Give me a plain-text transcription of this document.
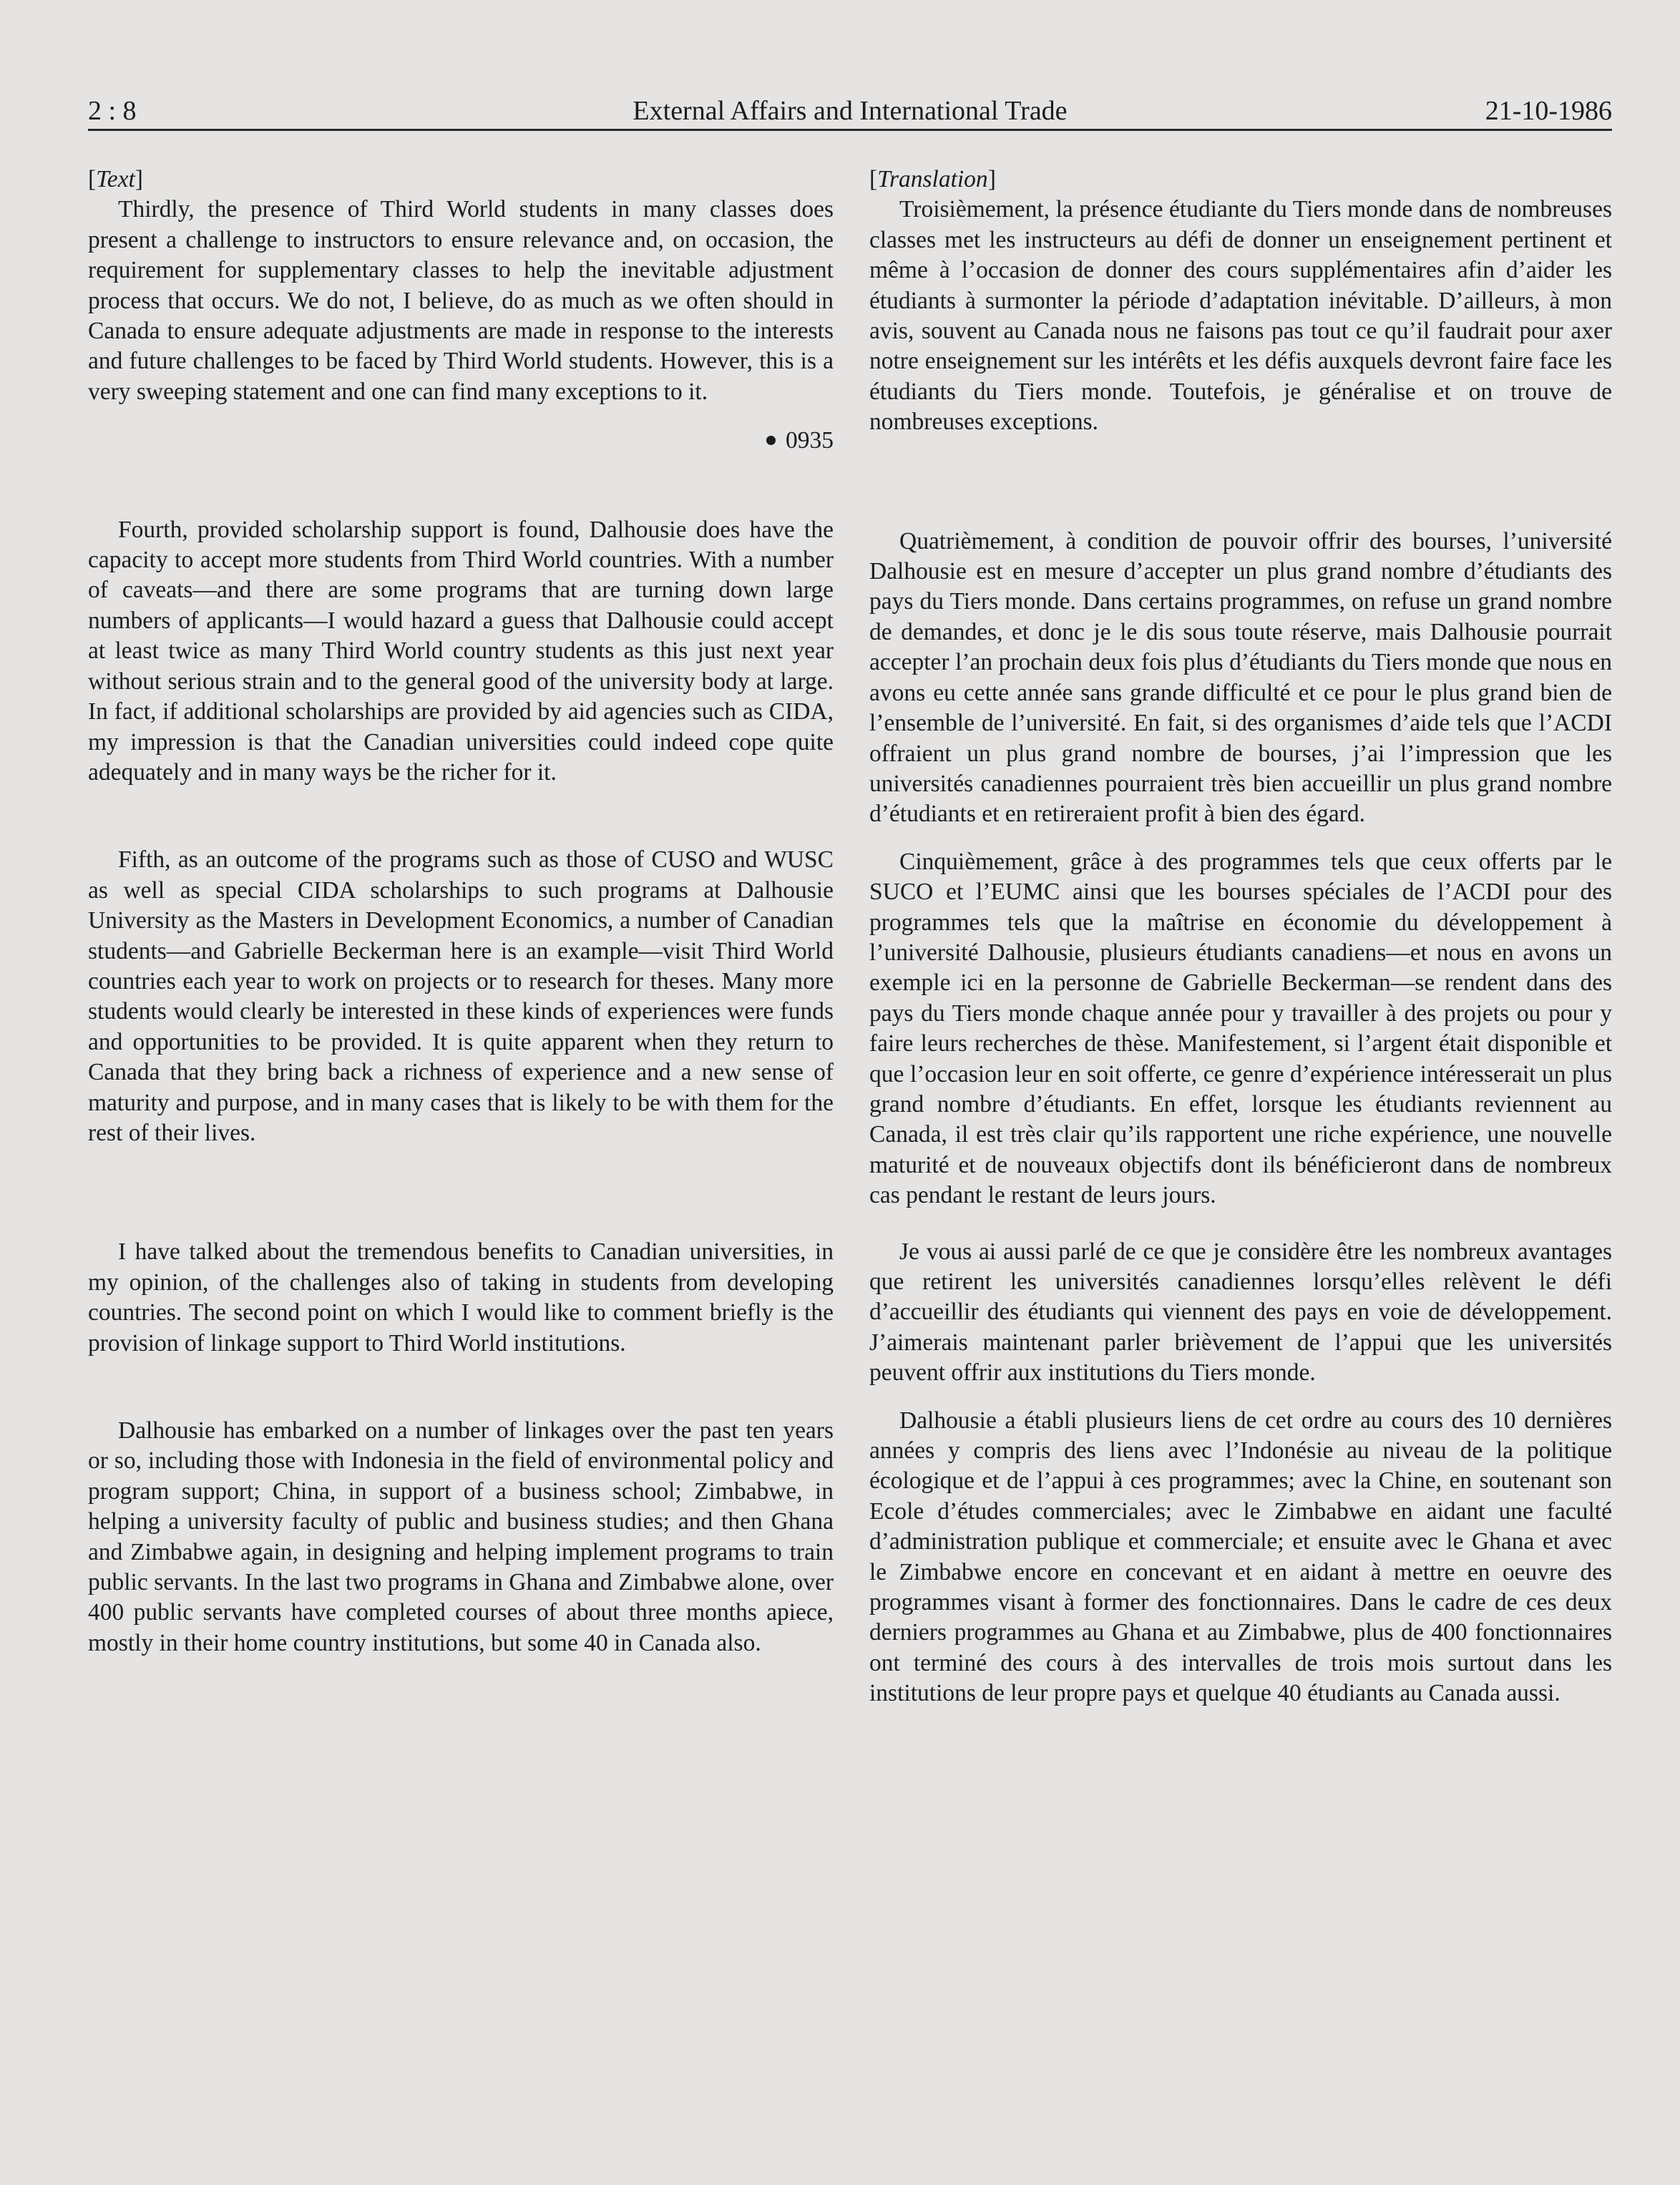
2 : 8	External Affairs and International Trade	21-10-1986

[Text]

Thirdly, the presence of Third World students in many classes does present a challenge to instructors to ensure relevance and, on occasion, the requirement for supplementary classes to help the inevitable adjustment process that occurs. We do not, I believe, do as much as we often should in Canada to ensure adequate adjustments are made in response to the interests and future challenges to be faced by Third World students. However, this is a very sweeping statement and one can find many exceptions to it.

0935

Fourth, provided scholarship support is found, Dalhousie does have the capacity to accept more students from Third World countries. With a number of caveats—and there are some programs that are turning down large numbers of applicants—I would hazard a guess that Dalhousie could accept at least twice as many Third World country students as this just next year without serious strain and to the general good of the university body at large. In fact, if additional scholarships are provided by aid agencies such as CIDA, my impression is that the Canadian universities could indeed cope quite adequately and in many ways be the richer for it.

Fifth, as an outcome of the programs such as those of CUSO and WUSC as well as special CIDA scholarships to such programs at Dalhousie University as the Masters in Development Economics, a number of Canadian students—and Gabrielle Beckerman here is an example—visit Third World countries each year to work on projects or to research for theses. Many more students would clearly be interested in these kinds of experiences were funds and opportunities to be provided. It is quite apparent when they return to Canada that they bring back a richness of experience and a new sense of maturity and purpose, and in many cases that is likely to be with them for the rest of their lives.

I have talked about the tremendous benefits to Canadian universities, in my opinion, of the challenges also of taking in students from developing countries. The second point on which I would like to comment briefly is the provision of linkage support to Third World institutions.

Dalhousie has embarked on a number of linkages over the past ten years or so, including those with Indonesia in the field of environmental policy and program support; China, in support of a business school; Zimbabwe, in helping a university faculty of public and business studies; and then Ghana and Zimbabwe again, in designing and helping implement programs to train public servants. In the last two programs in Ghana and Zimbabwe alone, over 400 public servants have completed courses of about three months apiece, mostly in their home country institutions, but some 40 in Canada also.

[Translation]

Troisièmement, la présence étudiante du Tiers monde dans de nombreuses classes met les instructeurs au défi de donner un enseignement pertinent et même à l’occasion de donner des cours supplémentaires afin d’aider les étudiants à surmonter la période d’adaptation inévitable. D’ailleurs, à mon avis, souvent au Canada nous ne faisons pas tout ce qu’il faudrait pour axer notre enseignement sur les intérêts et les défis auxquels devront faire face les étudiants du Tiers monde. Toutefois, je généralise et on trouve de nombreuses exceptions.

Quatrièmement, à condition de pouvoir offrir des bourses, l’université Dalhousie est en mesure d’accepter un plus grand nombre d’étudiants des pays du Tiers monde. Dans certains programmes, on refuse un grand nombre de demandes, et donc je le dis sous toute réserve, mais Dalhousie pourrait accepter l’an prochain deux fois plus d’étudiants du Tiers monde que nous en avons eu cette année sans grande difficulté et ce pour le plus grand bien de l’ensemble de l’université. En fait, si des organismes d’aide tels que l’ACDI offraient un plus grand nombre de bourses, j’ai l’impression que les universités canadiennes pourraient très bien accueillir un plus grand nombre d’étudiants et en retireraient profit à bien des égard.

Cinquièmement, grâce à des programmes tels que ceux offerts par le SUCO et l’EUMC ainsi que les bourses spéciales de l’ACDI pour des programmes tels que la maîtrise en économie du développement à l’université Dalhousie, plusieurs étudiants canadiens—et nous en avons un exemple ici en la personne de Gabrielle Beckerman—se rendent dans des pays du Tiers monde chaque année pour y travailler à des projets ou pour y faire leurs recherches de thèse. Manifestement, si l’argent était disponible et que l’occasion leur en soit offerte, ce genre d’expérience intéresserait un plus grand nombre d’étudiants. En effet, lorsque les étudiants reviennent au Canada, il est très clair qu’ils rapportent une riche expérience, une nouvelle maturité et de nouveaux objectifs dont ils bénéficieront dans de nombreux cas pendant le restant de leurs jours.

Je vous ai aussi parlé de ce que je considère être les nombreux avantages que retirent les universités canadiennes lorsqu’elles relèvent le défi d’accueillir des étudiants qui viennent des pays en voie de développement. J’aimerais maintenant parler brièvement de l’appui que les universités peuvent offrir aux institutions du Tiers monde.

Dalhousie a établi plusieurs liens de cet ordre au cours des 10 dernières années y compris des liens avec l’Indonésie au niveau de la politique écologique et de l’appui à ces programmes; avec la Chine, en soutenant son Ecole d’études commerciales; avec le Zimbabwe en aidant une faculté d’administration publique et commerciale; et ensuite avec le Ghana et avec le Zimbabwe encore en concevant et en aidant à mettre en oeuvre des programmes visant à former des fonctionnaires. Dans le cadre de ces deux derniers programmes au Ghana et au Zimbabwe, plus de 400 fonctionnaires ont terminé des cours à des intervalles de trois mois surtout dans les institutions de leur propre pays et quelque 40 étudiants au Canada aussi.
